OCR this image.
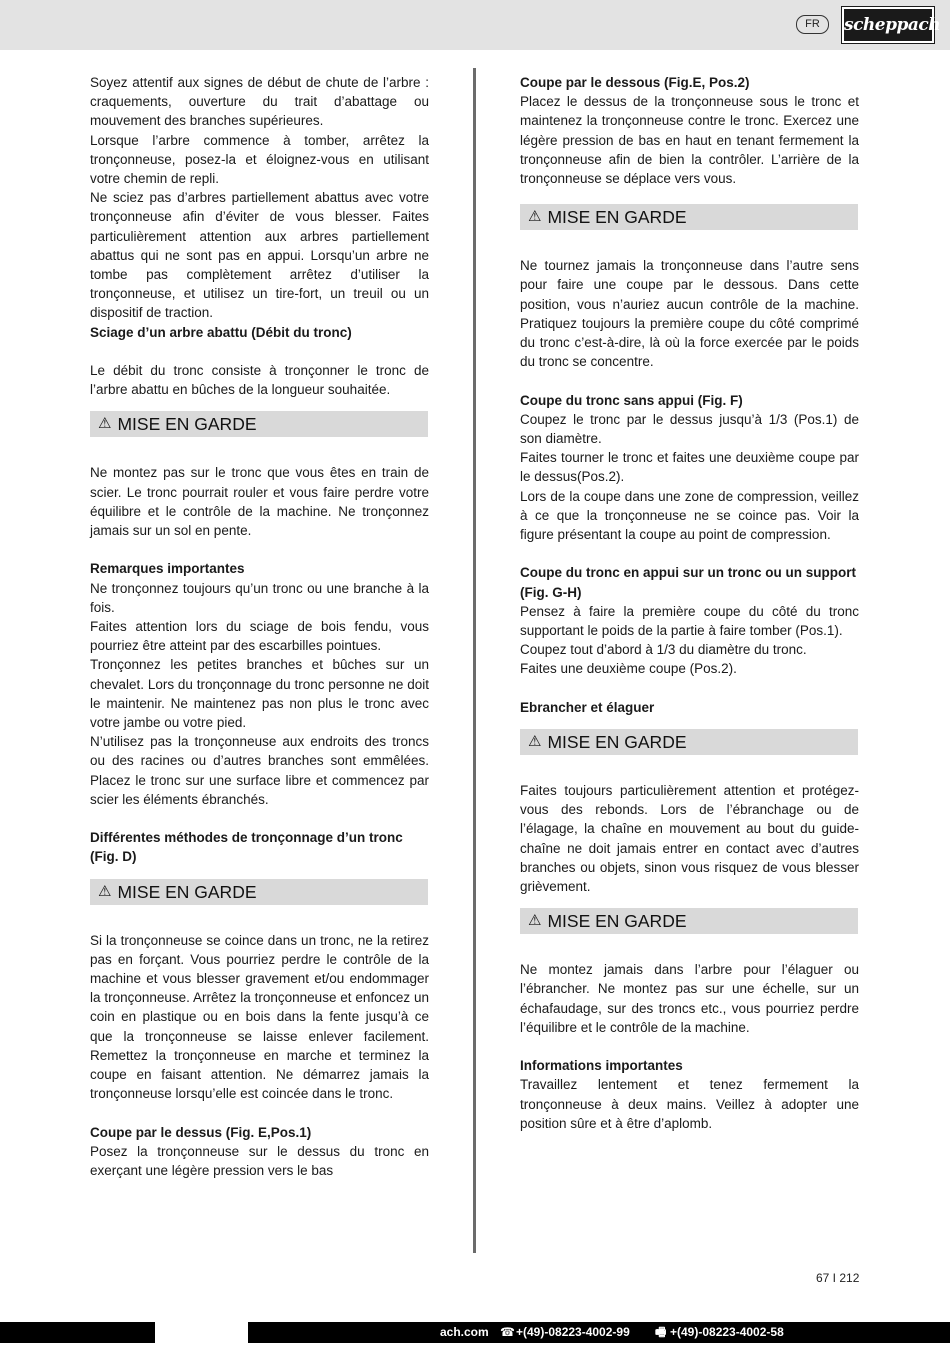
FR	scheppach

Soyez attentif aux signes de début de chute de l’arbre : craquements, ouverture du trait d’abattage ou mouvement des branches supérieures.

Lorsque l’arbre commence à tomber, arrêtez la tronçonneuse, posez-la et éloignez-vous en utilisant votre chemin de repli.

Ne sciez pas d’arbres partiellement abattus avec votre tronçonneuse afin d’éviter de vous blesser. Faites particulièrement attention aux arbres partiellement abattus qui ne sont pas en appui. Lorsqu’un arbre ne tombe pas complètement arrêtez d’utiliser la tronçonneuse, et utilisez un tire-fort, un treuil ou un dispositif de traction.

Sciage d’un arbre abattu (Débit du tronc)

Le débit du tronc consiste à tronçonner le tronc de l’arbre abattu en bûches de la longueur souhaitée.

⚠ MISE EN GARDE

Ne montez pas sur le tronc que vous êtes en train de scier. Le tronc pourrait rouler et vous faire perdre votre équilibre et le contrôle de la machine. Ne tronçonnez jamais sur un sol en pente.

Remarques importantes

Ne tronçonnez toujours qu’un tronc ou une branche à la fois.

Faites attention lors du sciage de bois fendu, vous pourriez être atteint par des escarbilles pointues.

Tronçonnez les petites branches et bûches sur un chevalet. Lors du tronçonnage du tronc personne ne doit le maintenir. Ne maintenez pas non plus le tronc avec votre jambe ou votre pied.

N’utilisez pas la tronçonneuse aux endroits des troncs ou des racines ou d’autres branches sont emmêlées. Placez le tronc sur une surface libre et commencez par scier les éléments ébranchés.

Différentes méthodes de tronçonnage d’un tronc (Fig. D)

⚠ MISE EN GARDE

Si la tronçonneuse se coince dans un tronc, ne la retirez pas en forçant. Vous pourriez perdre le contrôle de la machine et vous blesser gravement et/ou endommager la tronçonneuse. Arrêtez la tronçonneuse et enfoncez un coin en plastique ou en bois dans la fente jusqu’à ce que la tronçonneuse se laisse enlever facilement. Remettez la tronçonneuse en marche et terminez la coupe en faisant attention. Ne démarrez jamais la tronçonneuse lorsqu’elle est coincée dans le tronc.

Coupe par le dessus (Fig. E,Pos.1)

Posez la tronçonneuse sur le dessus du tronc en exerçant une légère pression vers le bas

Coupe par le dessous (Fig.E, Pos.2)

Placez le dessus de la tronçonneuse sous le tronc et maintenez la tronçonneuse contre le tronc. Exercez une légère pression de bas en haut en tenant fermement la tronçonneuse afin de bien la contrôler. L’arrière de la tronçonneuse se déplace vers vous.

⚠ MISE EN GARDE

Ne tournez jamais la tronçonneuse dans l’autre sens pour faire une coupe par le dessous. Dans cette position, vous n’auriez aucun contrôle de la machine. Pratiquez toujours la première coupe du côté comprimé du tronc c’est-à-dire, là où la force exercée par le poids du tronc se concentre.

Coupe du tronc sans appui (Fig. F)

Coupez le tronc par le dessus jusqu’à 1/3 (Pos.1) de son diamètre.

Faites tourner le tronc et faites une deuxième coupe par le dessus(Pos.2).

Lors de la coupe dans une zone de compression, veillez à ce que la tronçonneuse ne se coince pas. Voir la figure présentant la coupe au point de compression.

Coupe du tronc en appui sur un tronc ou un support (Fig. G-H)

Pensez à faire la première coupe du côté du tronc supportant le poids de la partie à faire tomber (Pos.1).

Coupez tout d’abord à 1/3 du diamètre du tronc.

Faites une deuxième coupe (Pos.2).

Ebrancher et élaguer

⚠ MISE EN GARDE

Faites toujours particulièrement attention et protégez-vous des rebonds. Lors de l’ébranchage ou de l’élagage, la chaîne en mouvement au bout du guide-chaîne ne doit jamais entrer en contact avec d’autres branches ou objets, sinon vous risquez de vous blesser grièvement.

⚠ MISE EN GARDE

Ne montez jamais dans l’arbre pour l’élaguer ou l’ébrancher. Ne montez pas sur une échelle, sur un échafaudage, sur des troncs etc., vous pourriez perdre l’équilibre et le contrôle de la machine.

Informations importantes

Travaillez lentement et tenez fermement la tronçonneuse à deux mains. Veillez à adopter une position sûre et à être d’aplomb.

67 I 212
ach.com ☎ +(49)-08223-4002-99 🖷 +(49)-08223-4002-58
